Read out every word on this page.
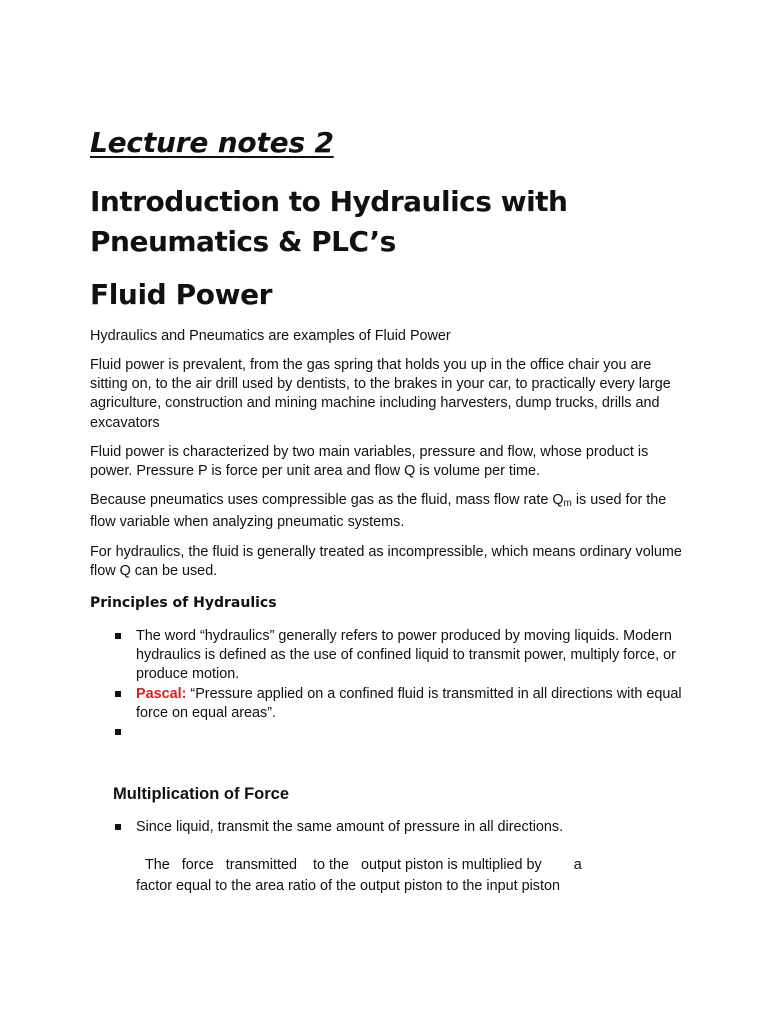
Lecture notes 2
Introduction to Hydraulics with
Pneumatics & PLC’s
Fluid Power

Hydraulics and Pneumatics are examples of Fluid Power

Fluid power is prevalent, from the gas spring that holds you up in the office chair you are sitting on, to the air drill used by dentists, to the brakes in your car, to practically every large agriculture, construction and mining machine including harvesters, dump trucks, drills and excavators

Fluid power is characterized by two main variables, pressure and flow, whose product is power. Pressure P is force per unit area and flow Q is volume per time.

Because pneumatics uses compressible gas as the fluid, mass flow rate $Q_m$ is used for the flow variable when analyzing pneumatic systems.

For hydraulics, the fluid is generally treated as incompressible, which means ordinary volume flow Q can be used.

Principles of Hydraulics
The word “hydraulics” generally refers to power produced by moving liquids. Modern hydraulics is defined as the use of confined liquid to transmit power, multiply force, or produce motion.
Pascal: “Pressure applied on a confined fluid is transmitted in all directions with equal force on equal areas”.
Multiplication of Force
Since liquid, transmit the same amount of pressure in all directions.

The   force   transmitted    to the   output piston is multiplied by        a
factor equal to the area ratio of the output piston to the input piston
